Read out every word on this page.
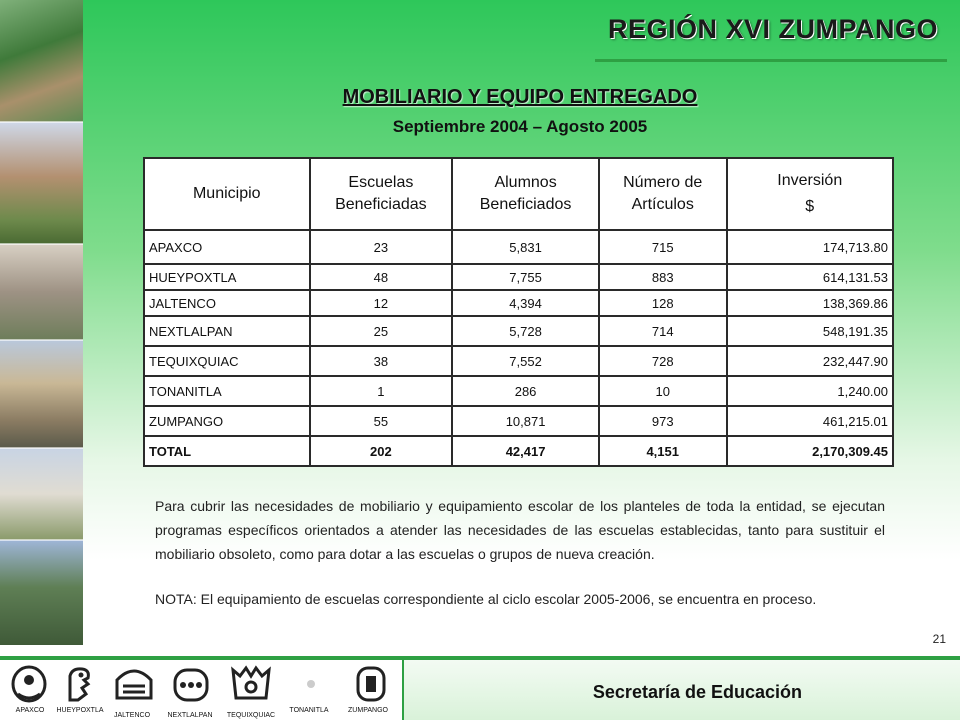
REGIÓN XVI ZUMPANGO
MOBILIARIO Y EQUIPO ENTREGADO
Septiembre 2004 – Agosto 2005
Municipio	Escuelas Beneficiadas	Alumnos Beneficiados	Número de Artículos	Inversión
$

APAXCO	23	5,831	715	174,713.80
HUEYPOXTLA	48	7,755	883	614,131.53
JALTENCO	12	4,394	128	138,369.86
NEXTLALPAN	25	5,728	714	548,191.35
TEQUIXQUIAC	38	7,552	728	232,447.90
TONANITLA	1	286	10	1,240.00
ZUMPANGO	55	10,871	973	461,215.01
TOTAL	202	42,417	4,151	2,170,309.45
Para cubrir las necesidades de mobiliario y equipamiento escolar de los planteles de toda la entidad, se ejecutan programas específicos orientados a atender las necesidades de las escuelas establecidas, tanto para sustituir el mobiliario obsoleto, como para dotar a las escuelas o grupos de nueva creación.
NOTA: El equipamiento de escuelas correspondiente al ciclo escolar 2005-2006, se encuentra en proceso.
21
Secretaría de Educación
APAXCO	HUEYPOXTLA
JALTENCO	NEXTLALPAN	TEQUIXQUIAC
TONANITLA	ZUMPANGO
